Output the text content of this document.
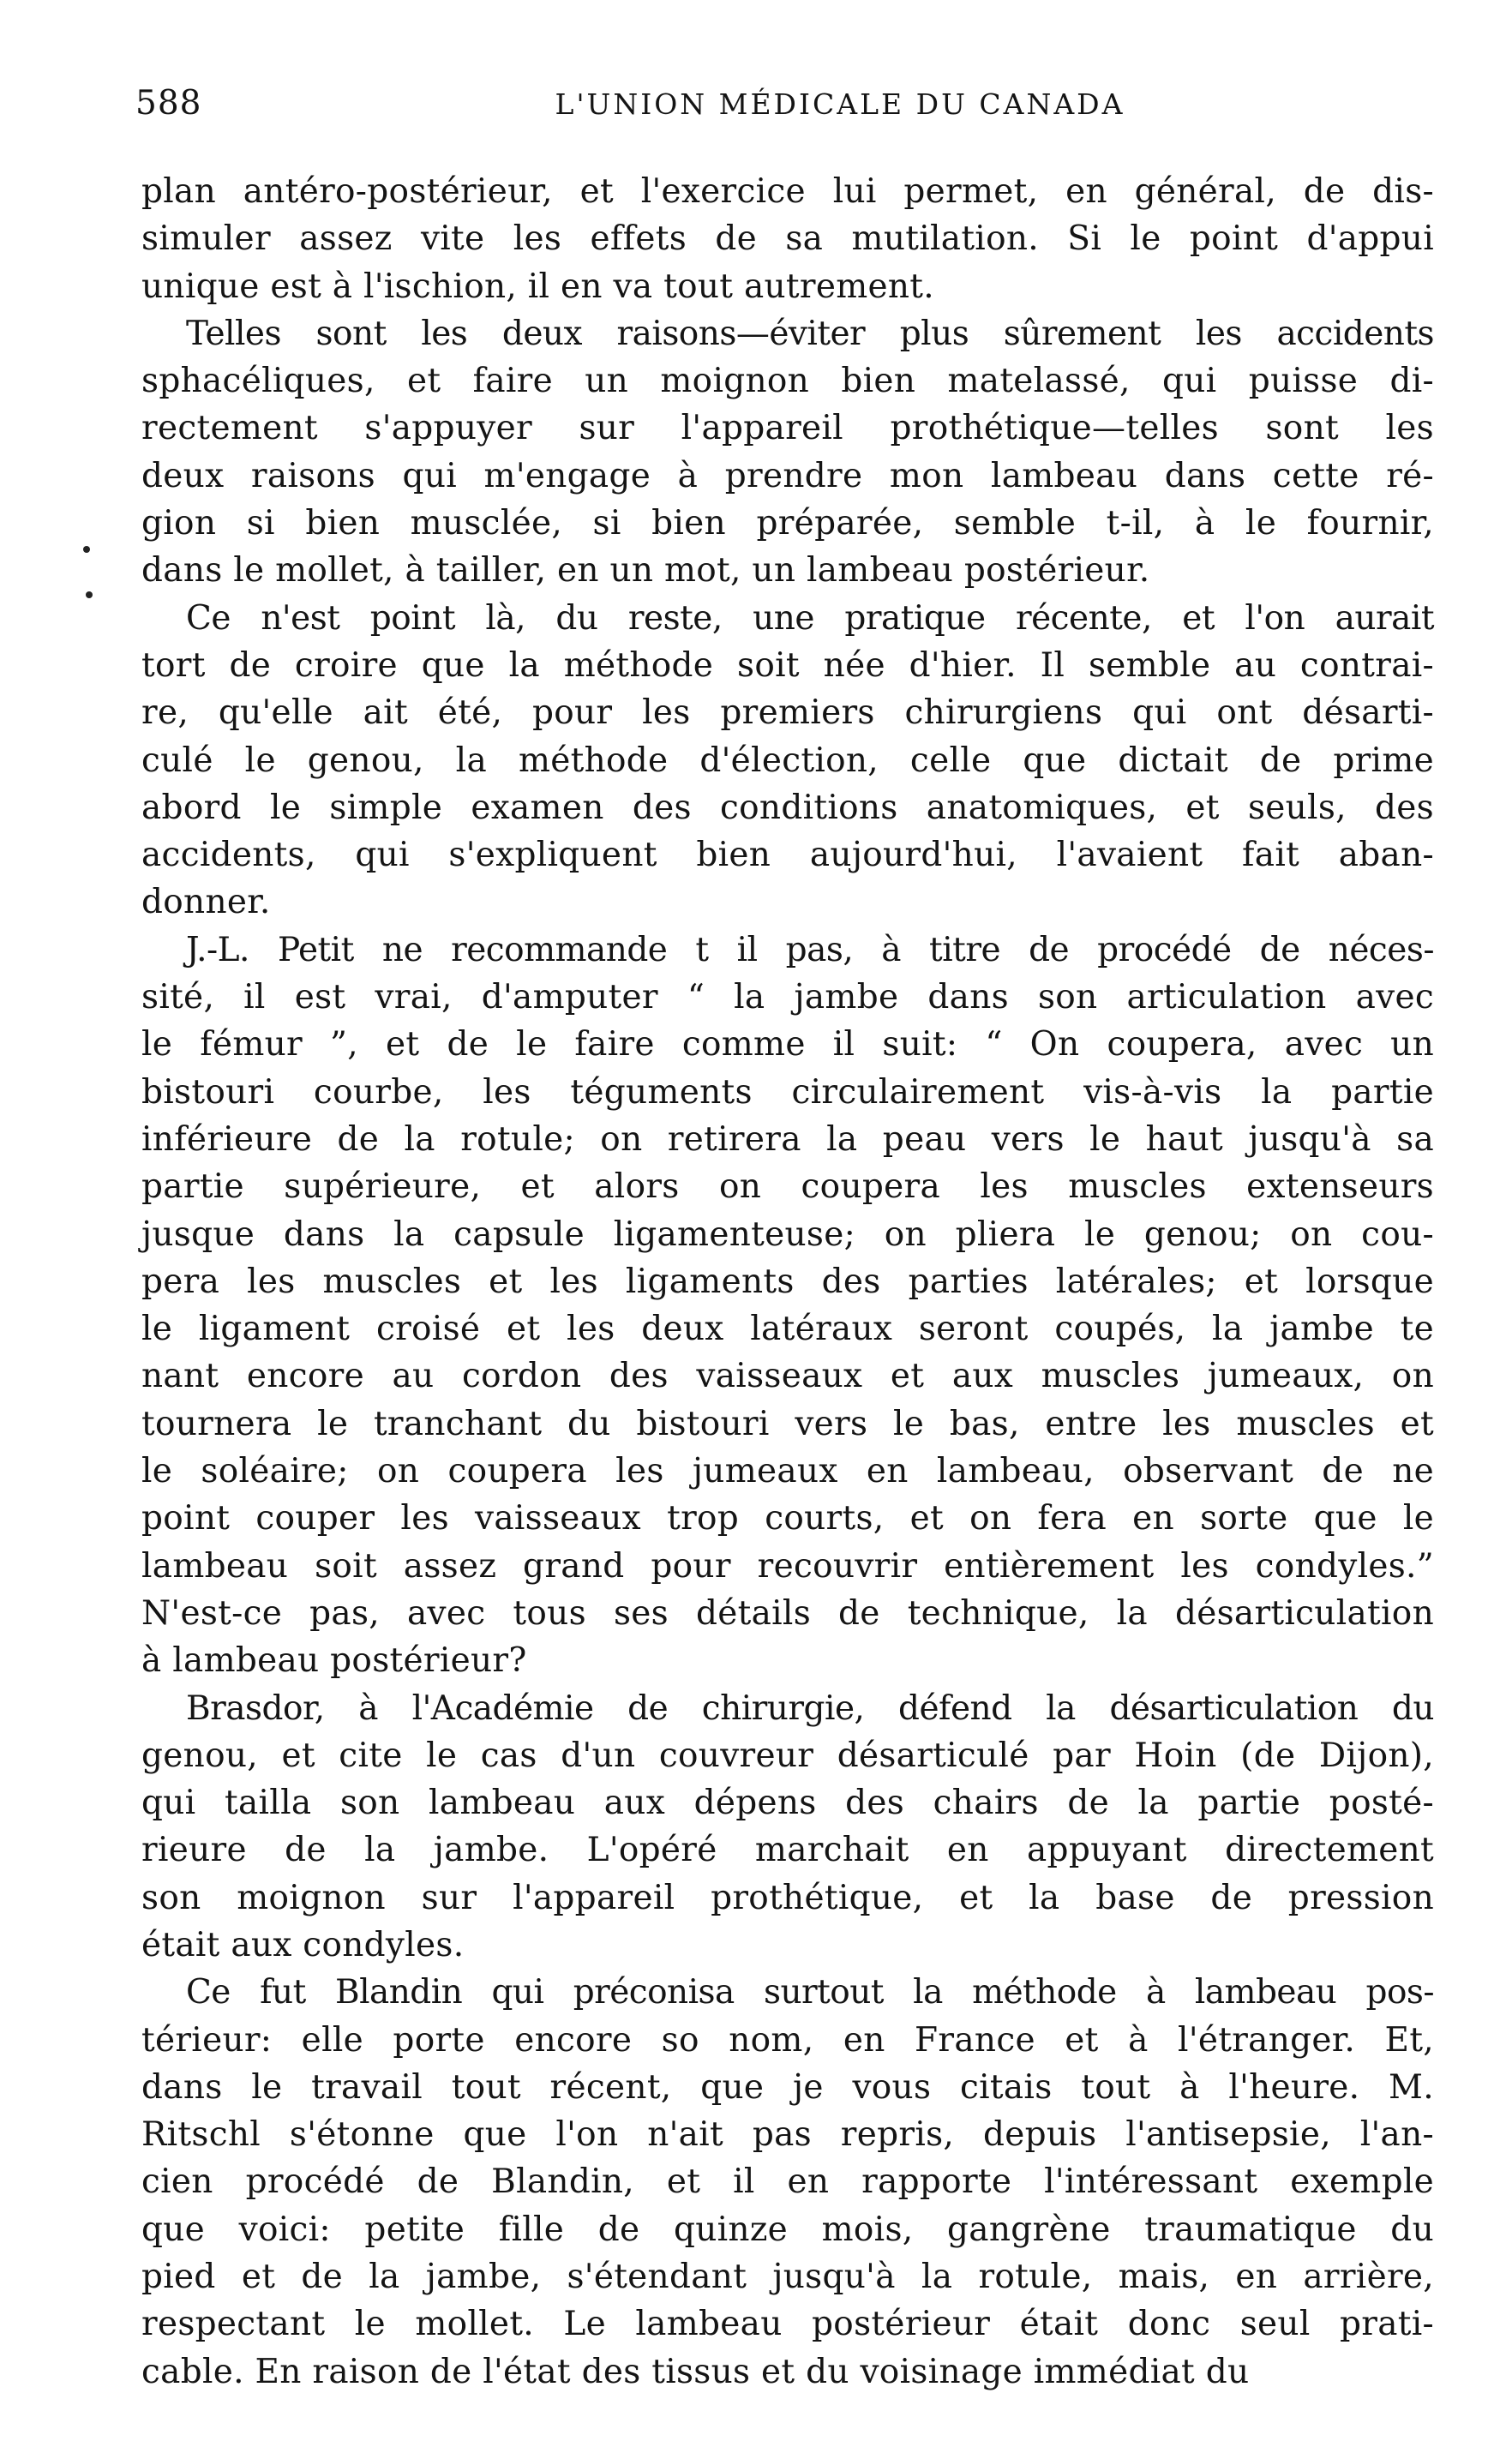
588	L'UNION MÉDICALE DU CANADA

plan antéro-postérieur, et l'exercice lui permet, en général, de dis-
simuler assez vite les effets de sa mutilation. Si le point d'appui
unique est à l'ischion, il en va tout autrement.

Telles sont les deux raisons—éviter plus sûrement les accidents
sphacéliques, et faire un moignon bien matelassé, qui puisse di-
rectement s'appuyer sur l'appareil prothétique—telles sont les
deux raisons qui m'engage à prendre mon lambeau dans cette ré-
gion si bien musclée, si bien préparée, semble t-il, à le fournir,
dans le mollet, à tailler, en un mot, un lambeau postérieur.

Ce n'est point là, du reste, une pratique récente, et l'on aurait
tort de croire que la méthode soit née d'hier. Il semble au contrai-
re, qu'elle ait été, pour les premiers chirurgiens qui ont désarti-
culé le genou, la méthode d'élection, celle que dictait de prime
abord le simple examen des conditions anatomiques, et seuls, des
accidents, qui s'expliquent bien aujourd'hui, l'avaient fait aban-
donner.

J.-L. Petit ne recommande t il pas, à titre de procédé de néces-
sité, il est vrai, d'amputer “ la jambe dans son articulation avec
le fémur ”, et de le faire comme il suit: “ On coupera, avec un
bistouri courbe, les téguments circulairement vis-à-vis la partie
inférieure de la rotule; on retirera la peau vers le haut jusqu'à sa
partie supérieure, et alors on coupera les muscles extenseurs
jusque dans la capsule ligamenteuse; on pliera le genou; on cou-
pera les muscles et les ligaments des parties latérales; et lorsque
le ligament croisé et les deux latéraux seront coupés, la jambe te
nant encore au cordon des vaisseaux et aux muscles jumeaux, on
tournera le tranchant du bistouri vers le bas, entre les muscles et
le soléaire; on coupera les jumeaux en lambeau, observant de ne
point couper les vaisseaux trop courts, et on fera en sorte que le
lambeau soit assez grand pour recouvrir entièrement les condyles.”
N'est-ce pas, avec tous ses détails de technique, la désarticulation
à lambeau postérieur?

Brasdor, à l'Académie de chirurgie, défend la désarticulation du
genou, et cite le cas d'un couvreur désarticulé par Hoin (de Dijon),
qui tailla son lambeau aux dépens des chairs de la partie posté-
rieure de la jambe. L'opéré marchait en appuyant directement
son moignon sur l'appareil prothétique, et la base de pression
était aux condyles.

Ce fut Blandin qui préconisa surtout la méthode à lambeau pos-
térieur: elle porte encore so nom, en France et à l'étranger. Et,
dans le travail tout récent, que je vous citais tout à l'heure. M.
Ritschl s'étonne que l'on n'ait pas repris, depuis l'antisepsie, l'an-
cien procédé de Blandin, et il en rapporte l'intéressant exemple
que voici: petite fille de quinze mois, gangrène traumatique du
pied et de la jambe, s'étendant jusqu'à la rotule, mais, en arrière,
respectant le mollet. Le lambeau postérieur était donc seul prati-
cable. En raison de l'état des tissus et du voisinage immédiat du
